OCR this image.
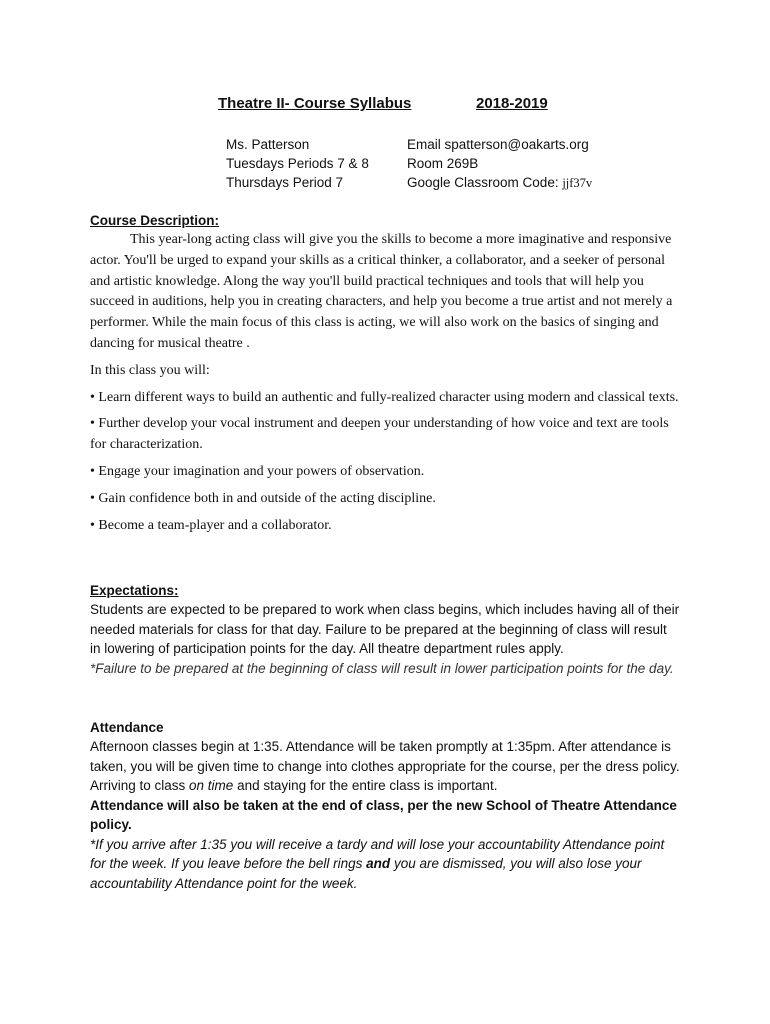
Theatre II- Course Syllabus	2018-2019
Ms. Patterson
Tuesdays Periods 7 & 8
Thursdays Period 7
Email spatterson@oakarts.org
Room 269B
Google Classroom Code: jjf37v
Course Description:

This year-long acting class will give you the skills to become a more imaginative and responsive actor. You'll be urged to expand your skills as a critical thinker, a collaborator, and a seeker of personal and artistic knowledge. Along the way you'll build practical techniques and tools that will help you succeed in auditions, help you in creating characters, and help you become a true artist and not merely a performer. While the main focus of this class is acting, we will also work on the basics of singing and dancing for musical theatre .

In this class you will:

• Learn different ways to build an authentic and fully-realized character using modern and classical texts.

• Further develop your vocal instrument and deepen your understanding of how voice and text are tools for characterization.

• Engage your imagination and your powers of observation.

• Gain confidence both in and outside of the acting discipline.

• Become a team-player and a collaborator.

Expectations:

Students are expected to be prepared to work when class begins, which includes having all of their needed materials for class for that day. Failure to be prepared at the beginning of class will result in lowering of participation points for the day. All theatre department rules apply.

*Failure to be prepared at the beginning of class will result in lower participation points for the day.

Attendance

Afternoon classes begin at 1:35. Attendance will be taken promptly at 1:35pm. After attendance is taken, you will be given time to change into clothes appropriate for the course, per the dress policy. Arriving to class on time and staying for the entire class is important.

Attendance will also be taken at the end of class, per the new School of Theatre Attendance policy.

*If you arrive after 1:35 you will receive a tardy and will lose your accountability Attendance point for the week. If you leave before the bell rings and you are dismissed, you will also lose your accountability Attendance point for the week.
